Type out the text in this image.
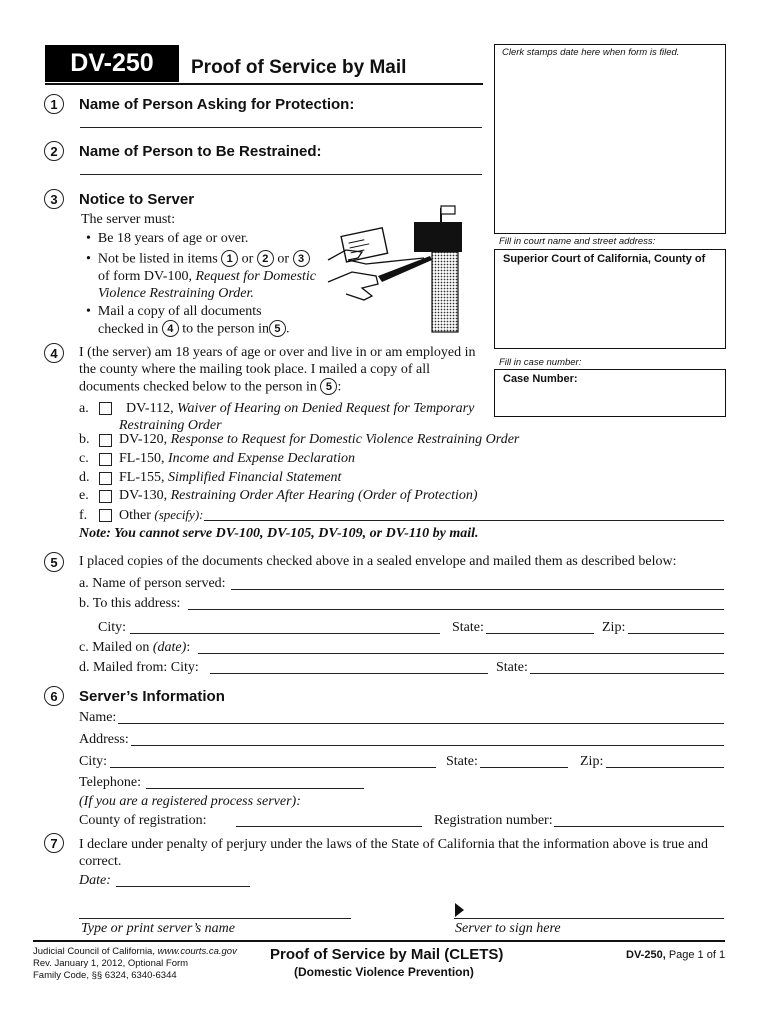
DV-250 Proof of Service by Mail
Clerk stamps date here when form is filed.
Fill in court name and street address:
Superior Court of California, County of
Fill in case number:
Case Number:
1	Name of Person Asking for Protection:
2	Name of Person to Be Restrained:
3	Notice to Server
The server must:
•  Be 18 years of age or over.
•  Not be listed in items 1 or 2 or 3
of form DV-100, Request for Domestic
Violence Restraining Order.
•  Mail a copy of all documents
checked in 4 to the person in 5 .
4	I (the server) am 18 years of age or over and live in or am employed in
the county where the mailing took place. I mailed a copy of all
documents checked below to the person in 5 :
a.	DV-112, Waiver of Hearing on Denied Request for Temporary
Restraining Order
b. DV-120, Response to Request for Domestic Violence Restraining Order
c. FL-150, Income and Expense Declaration
d. FL-155, Simplified Financial Statement
e. DV-130, Restraining Order After Hearing (Order of Protection)
f. Other (specify):
Note: You cannot serve DV-100, DV-105, DV-109, or DV-110 by mail.
5	I placed copies of the documents checked above in a sealed envelope and mailed them as described below:
a. Name of person served:
b. To this address:
City:	State:	Zip:
c. Mailed on (date):
d. Mailed from: City:	State:
6	Server’s Information
Name:
Address:
City:	State:	Zip:
Telephone:
(If you are a registered process server):
County of registration:	Registration number:
7	I declare under penalty of perjury under the laws of the State of California that the information above is true and
correct.
Date:
Type or print server’s name	Server to sign here
Judicial Council of California, www.courts.ca.gov
Rev. January 1, 2012, Optional Form
Family Code, §§ 6324, 6340-6344
Proof of Service by Mail (CLETS)
(Domestic Violence Prevention)
DV-250, Page 1 of 1
